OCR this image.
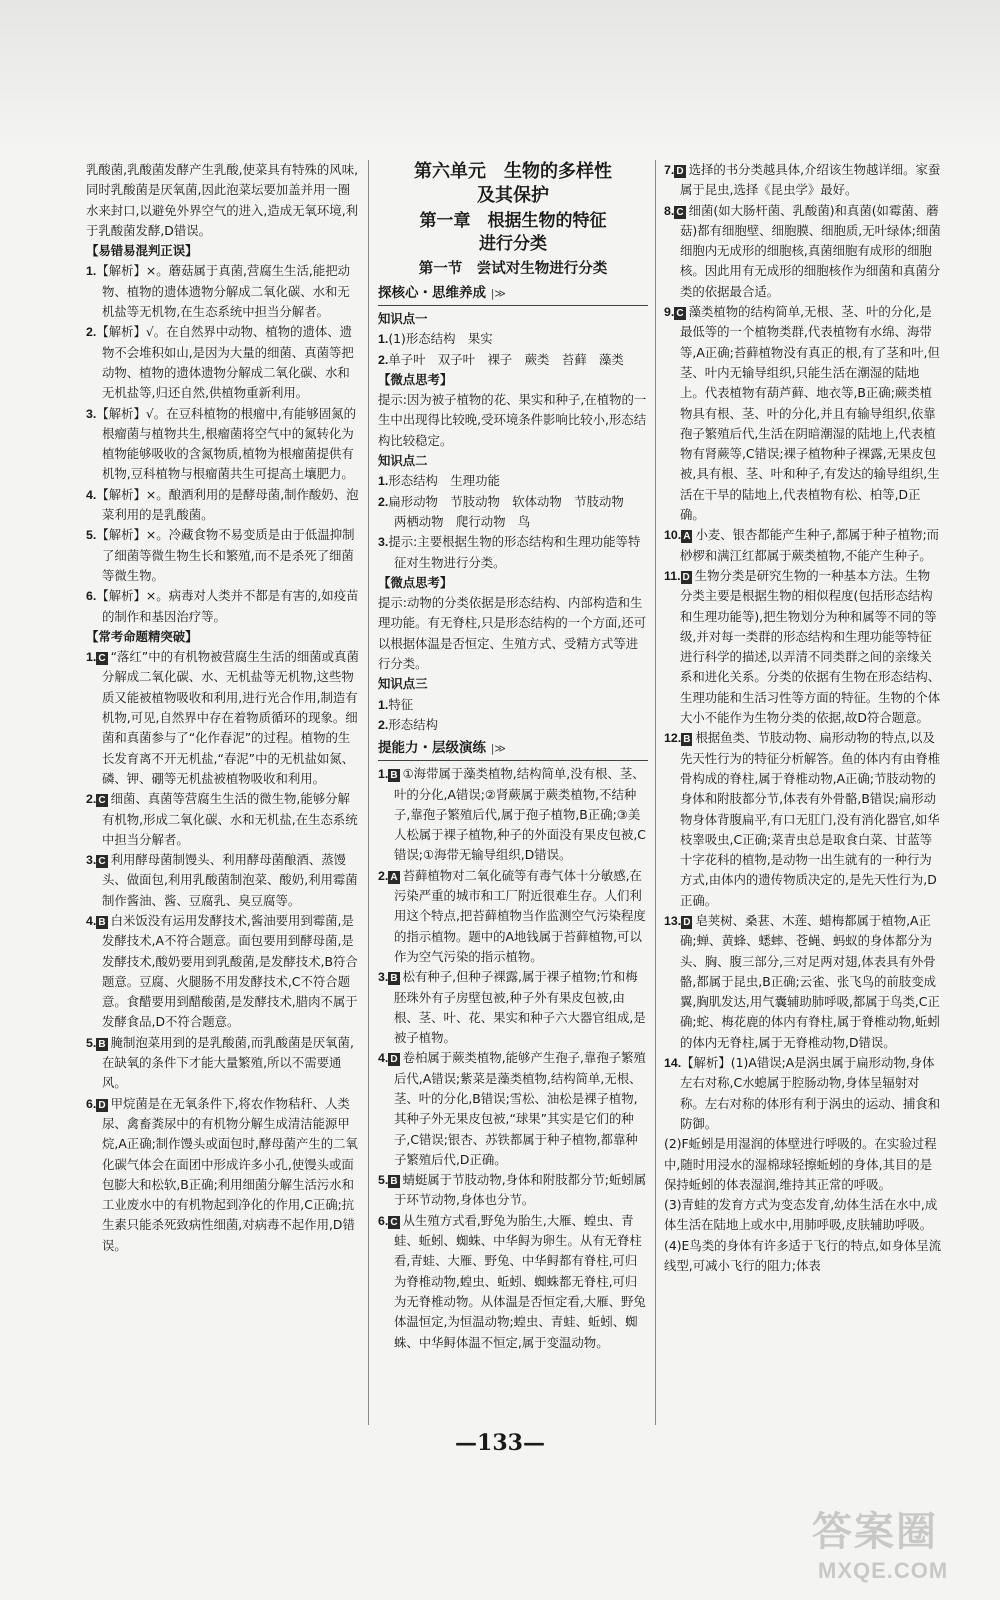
乳酸菌,乳酸菌发酵产生乳酸,使菜具有特殊的风味,同时乳酸菌是厌氧菌,因此泡菜坛要加盖并用一圈水来封口,以避免外界空气的进入,造成无氧环境,利于乳酸菌发酵,D错误。

【易错易混判正误】

1.【解析】×。蘑菇属于真菌,营腐生生活,能把动物、植物的遗体遗物分解成二氧化碳、水和无机盐等无机物,在生态系统中担当分解者。

2.【解析】√。在自然界中动物、植物的遗体、遗物不会堆积如山,是因为大量的细菌、真菌等把动物、植物的遗体遗物分解成二氧化碳、水和无机盐等,归还自然,供植物重新利用。

3.【解析】√。在豆科植物的根瘤中,有能够固氮的根瘤菌与植物共生,根瘤菌将空气中的氮转化为植物能够吸收的含氮物质,植物为根瘤菌提供有机物,豆科植物与根瘤菌共生可提高土壤肥力。

4.【解析】×。酿酒利用的是酵母菌,制作酸奶、泡菜利用的是乳酸菌。

5.【解析】×。冷藏食物不易变质是由于低温抑制了细菌等微生物生长和繁殖,而不是杀死了细菌等微生物。

6.【解析】×。病毒对人类并不都是有害的,如疫苗的制作和基因治疗等。

【常考命题精突破】

1. C “落红”中的有机物被营腐生生活的细菌或真菌分解成二氧化碳、水、无机盐等无机物,这些物质又能被植物吸收和利用,进行光合作用,制造有机物,可见,自然界中存在着物质循环的现象。细菌和真菌参与了“化作春泥”的过程。植物的生长发育离不开无机盐,“春泥”中的无机盐如氮、磷、钾、硼等无机盐被植物吸收和利用。

2. C 细菌、真菌等营腐生生活的微生物,能够分解有机物,形成二氧化碳、水和无机盐,在生态系统中担当分解者。

3. C 利用酵母菌制馒头、利用酵母菌酿酒、蒸馒头、做面包,利用乳酸菌制泡菜、酸奶,利用霉菌制作酱油、酱、豆腐乳、臭豆腐等。

4. B 白米饭没有运用发酵技术,酱油要用到霉菌,是发酵技术,A不符合题意。面包要用到酵母菌,是发酵技术,酸奶要用到乳酸菌,是发酵技术,B符合题意。豆腐、火腿肠不用发酵技术,C不符合题意。食醋要用到醋酸菌,是发酵技术,腊肉不属于发酵食品,D不符合题意。

5. B 腌制泡菜用到的是乳酸菌,而乳酸菌是厌氧菌,在缺氧的条件下才能大量繁殖,所以不需要通风。

6. D 甲烷菌是在无氧条件下,将农作物秸秆、人类尿、禽畜粪尿中的有机物分解生成清洁能源甲烷,A正确;制作馒头或面包时,酵母菌产生的二氧化碳气体会在面团中形成许多小孔,使馒头或面包膨大和松软,B正确;利用细菌分解生活污水和工业废水中的有机物起到净化的作用,C正确;抗生素只能杀死致病性细菌,对病毒不起作用,D错误。

第六单元　生物的多样性
及其保护
第一章　根据生物的特征
进行分类
第一节　尝试对生物进行分类
探核心・思维养成 |≫

知识点一

1.(1)形态结构　果实

2.单子叶　双子叶　裸子　蕨类　苔藓　藻类

【微点思考】

提示:因为被子植物的花、果实和种子,在植物的一生中出现得比较晚,受环境条件影响比较小,形态结构比较稳定。

知识点二

1.形态结构　生理功能

2.扁形动物　节肢动物　软体动物　节肢动物　两栖动物　爬行动物　鸟

3.提示:主要根据生物的形态结构和生理功能等特征对生物进行分类。

【微点思考】

提示:动物的分类依据是形态结构、内部构造和生理功能。有无脊柱,只是形态结构的一个方面,还可以根据体温是否恒定、生殖方式、受精方式等进行分类。

知识点三

1.特征

2.形态结构

提能力・层级演练 |≫

1. B ①海带属于藻类植物,结构简单,没有根、茎、叶的分化,A错误;②肾蕨属于蕨类植物,不结种子,靠孢子繁殖后代,属于孢子植物,B正确;③美人松属于裸子植物,种子的外面没有果皮包被,C错误;①海带无输导组织,D错误。

2. A 苔藓植物对二氧化硫等有毒气体十分敏感,在污染严重的城市和工厂附近很难生存。人们利用这个特点,把苔藓植物当作监测空气污染程度的指示植物。题中的A地钱属于苔藓植物,可以作为空气污染的指示植物。

3. B 松有种子,但种子裸露,属于裸子植物;竹和梅胚珠外有子房壁包被,种子外有果皮包被,由根、茎、叶、花、果实和种子六大器官组成,是被子植物。

4. D 卷柏属于蕨类植物,能够产生孢子,靠孢子繁殖后代,A错误;紫菜是藻类植物,结构简单,无根、茎、叶的分化,B错误;雪松、油松是裸子植物,其种子外无果皮包被,“球果”其实是它们的种子,C错误;银杏、苏铁都属于种子植物,都靠种子繁殖后代,D正确。

5. B 蜻蜓属于节肢动物,身体和附肢都分节;蚯蚓属于环节动物,身体也分节。

6. C 从生殖方式看,野兔为胎生,大雁、蝗虫、青蛙、蚯蚓、蜘蛛、中华鲟为卵生。从有无脊柱看,青蛙、大雁、野兔、中华鲟都有脊柱,可归为脊椎动物,蝗虫、蚯蚓、蜘蛛都无脊柱,可归为无脊椎动物。从体温是否恒定看,大雁、野兔体温恒定,为恒温动物;蝗虫、青蛙、蚯蚓、蜘蛛、中华鲟体温不恒定,属于变温动物。

7. D 选择的书分类越具体,介绍该生物越详细。家蚕属于昆虫,选择《昆虫学》最好。

8. C 细菌(如大肠杆菌、乳酸菌)和真菌(如霉菌、蘑菇)都有细胞壁、细胞膜、细胞质,无叶绿体;细菌细胞内无成形的细胞核,真菌细胞有成形的细胞核。因此用有无成形的细胞核作为细菌和真菌分类的依据最合适。

9. C 藻类植物的结构简单,无根、茎、叶的分化,是最低等的一个植物类群,代表植物有水绵、海带等,A正确;苔藓植物没有真正的根,有了茎和叶,但茎、叶内无输导组织,只能生活在潮湿的陆地上。代表植物有葫芦藓、地衣等,B正确;蕨类植物具有根、茎、叶的分化,并且有输导组织,依靠孢子繁殖后代,生活在阴暗潮湿的陆地上,代表植物有肾蕨等,C错误;裸子植物种子裸露,无果皮包被,具有根、茎、叶和种子,有发达的输导组织,生活在干旱的陆地上,代表植物有松、柏等,D正确。

10. A 小麦、银杏都能产生种子,都属于种子植物;而桫椤和满江红都属于蕨类植物,不能产生种子。

11. D 生物分类是研究生物的一种基本方法。生物分类主要是根据生物的相似程度(包括形态结构和生理功能等),把生物划分为种和属等不同的等级,并对每一类群的形态结构和生理功能等特征进行科学的描述,以弄清不同类群之间的亲缘关系和进化关系。分类的依据有生物在形态结构、生理功能和生活习性等方面的特征。生物的个体大小不能作为生物分类的依据,故D符合题意。

12. B 根据鱼类、节肢动物、扁形动物的特点,以及先天性行为的特征分析解答。鱼的体内有由脊椎骨构成的脊柱,属于脊椎动物,A正确;节肢动物的身体和附肢都分节,体表有外骨骼,B错误;扁形动物身体背腹扁平,有口无肛门,没有消化器官,如华枝睾吸虫,C正确;菜青虫总是取食白菜、甘蓝等十字花科的植物,是动物一出生就有的一种行为方式,由体内的遗传物质决定的,是先天性行为,D正确。

13. D 皂荚树、桑葚、木莲、蜡梅都属于植物,A正确;蝉、黄蜂、蟋蟀、苍蝇、蚂蚁的身体都分为头、胸、腹三部分,三对足两对翅,体表具有外骨骼,都属于昆虫,B正确;云雀、张飞鸟的前肢变成翼,胸肌发达,用气囊辅助肺呼吸,都属于鸟类,C正确;蛇、梅花鹿的体内有脊柱,属于脊椎动物,蚯蚓的体内无脊柱,属于无脊椎动物,D错误。

14.【解析】(1)A错误;A是涡虫属于扁形动物,身体左右对称,C水螅属于腔肠动物,身体呈辐射对称。左右对称的体形有利于涡虫的运动、捕食和防御。

(2)F蚯蚓是用湿润的体壁进行呼吸的。在实验过程中,随时用浸水的湿棉球轻擦蚯蚓的身体,其目的是保持蚯蚓的体表湿润,维持其正常的呼吸。

(3)青蛙的发育方式为变态发育,幼体生活在水中,成体生活在陆地上或水中,用肺呼吸,皮肤辅助呼吸。

(4)E鸟类的身体有许多适于飞行的特点,如身体呈流线型,可减小飞行的阻力;体表

—133—
答案圈
MXQE.COM
